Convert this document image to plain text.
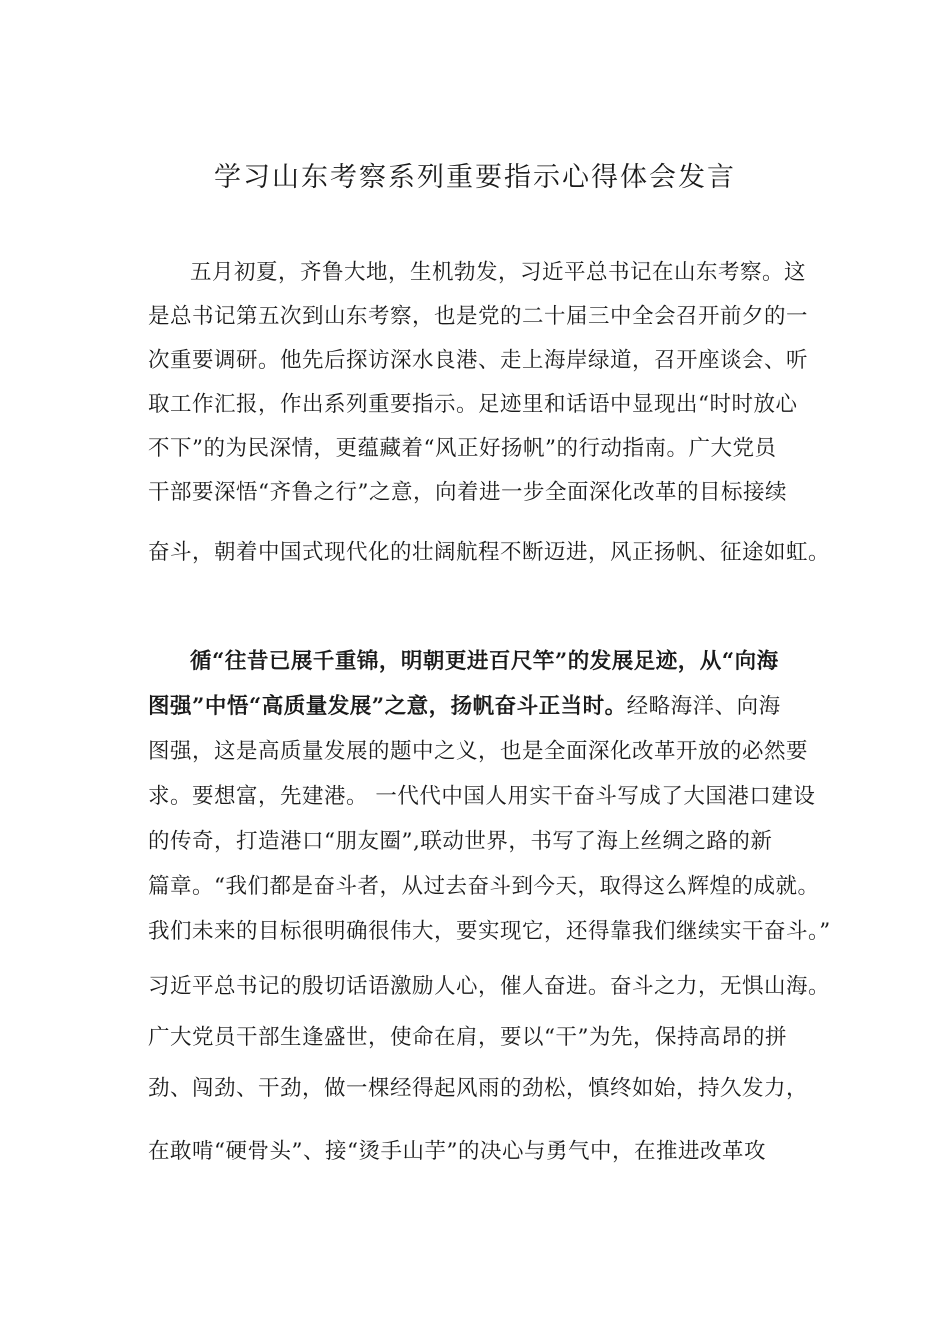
学习山东考察系列重要指示心得体会发言

五月初夏，齐鲁大地，生机勃发，习近平总书记在山东考察。这

是总书记第五次到山东考察，也是党的二十届三中全会召开前夕的一

次重要调研。他先后探访深水良港、走上海岸绿道，召开座谈会、听

取工作汇报，作出系列重要指示。足迹里和话语中显现出“时时放心

不下”的为民深情，更蕴藏着“风正好扬帆”的行动指南。广大党员

干部要深悟“齐鲁之行”之意，向着进一步全面深化改革的目标接续

奋斗，朝着中国式现代化的壮阔航程不断迈进，风正扬帆、征途如虹。

循“往昔已展千重锦，明朝更进百尺竿”的发展足迹，从“向海

图强”中悟“高质量发展”之意，扬帆奋斗正当时。经略海洋、向海

图强，这是高质量发展的题中之义，也是全面深化改革开放的必然要

求。要想富，先建港。 一代代中国人用实干奋斗写成了大国港口建设

的传奇，打造港口“朋友圈”,联动世界，书写了海上丝绸之路的新

篇章。“我们都是奋斗者，从过去奋斗到今天，取得这么辉煌的成就。

我们未来的目标很明确很伟大，要实现它，还得靠我们继续实干奋斗。”

习近平总书记的殷切话语激励人心，催人奋进。奋斗之力，无惧山海。

广大党员干部生逢盛世，使命在肩，要以“干”为先，保持高昂的拼

劲、闯劲、干劲，做一棵经得起风雨的劲松，慎终如始，持久发力，

在敢啃“硬骨头”、接“烫手山芋”的决心与勇气中，在推进改革攻
